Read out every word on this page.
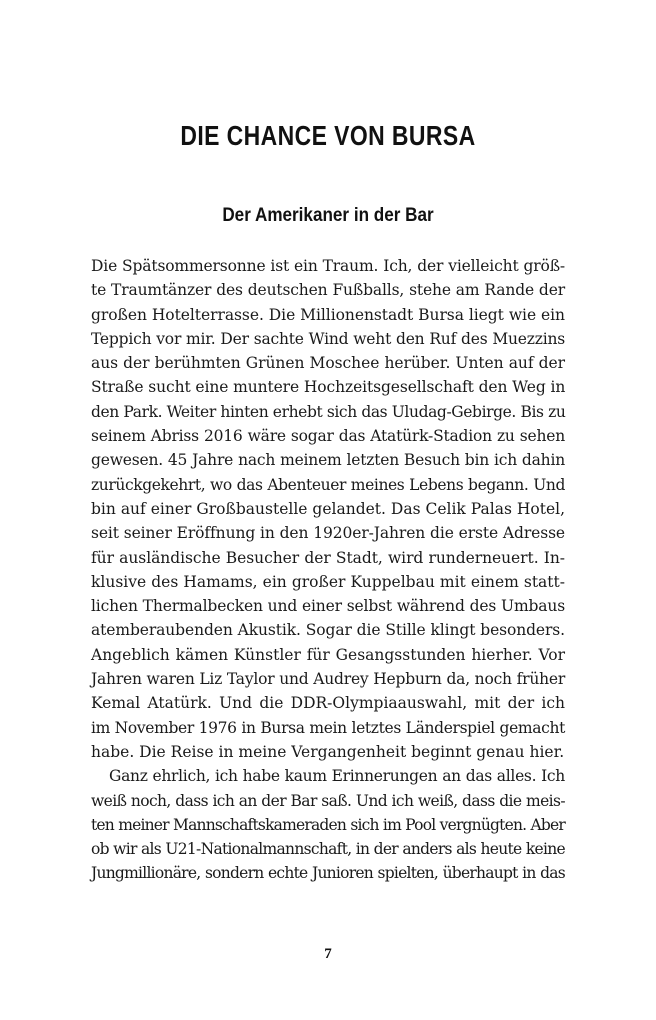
DIE CHANCE VON BURSA
Der Amerikaner in der Bar
Die Spätsommersonne ist ein Traum. Ich, der vielleicht größ-
te Traumtänzer des deutschen Fußballs, stehe am Rande der
großen Hotelterrasse. Die Millionenstadt Bursa liegt wie ein
Teppich vor mir. Der sachte Wind weht den Ruf des Muezzins
aus der berühmten Grünen Moschee herüber. Unten auf der
Straße sucht eine muntere Hochzeitsgesellschaft den Weg in
den Park. Weiter hinten erhebt sich das Uludag-Gebirge. Bis zu
seinem Abriss 2016 wäre sogar das Atatürk-Stadion zu sehen
gewesen. 45 Jahre nach meinem letzten Besuch bin ich dahin
zurückgekehrt, wo das Abenteuer meines Lebens begann. Und
bin auf einer Großbaustelle gelandet. Das Celik Palas Hotel,
seit seiner Eröffnung in den 1920er-Jahren die erste Adresse
für ausländische Besucher der Stadt, wird runderneuert. In-
klusive des Hamams, ein großer Kuppelbau mit einem statt-
lichen Thermalbecken und einer selbst während des Umbaus
atemberaubenden Akustik. Sogar die Stille klingt besonders.
Angeblich kämen Künstler für Gesangsstunden hierher. Vor
Jahren waren Liz Taylor und Audrey Hepburn da, noch früher
Kemal Atatürk. Und die DDR-Olympiaauswahl, mit der ich
im November 1976 in Bursa mein letztes Länderspiel gemacht
habe. Die Reise in meine Vergangenheit beginnt genau hier.
Ganz ehrlich, ich habe kaum Erinnerungen an das alles. Ich
weiß noch, dass ich an der Bar saß. Und ich weiß, dass die meis-
ten meiner Mannschaftskameraden sich im Pool vergnügten. Aber
ob wir als U21-Nationalmannschaft, in der anders als heute keine
Jungmillionäre, sondern echte Junioren spielten, überhaupt in das
7
